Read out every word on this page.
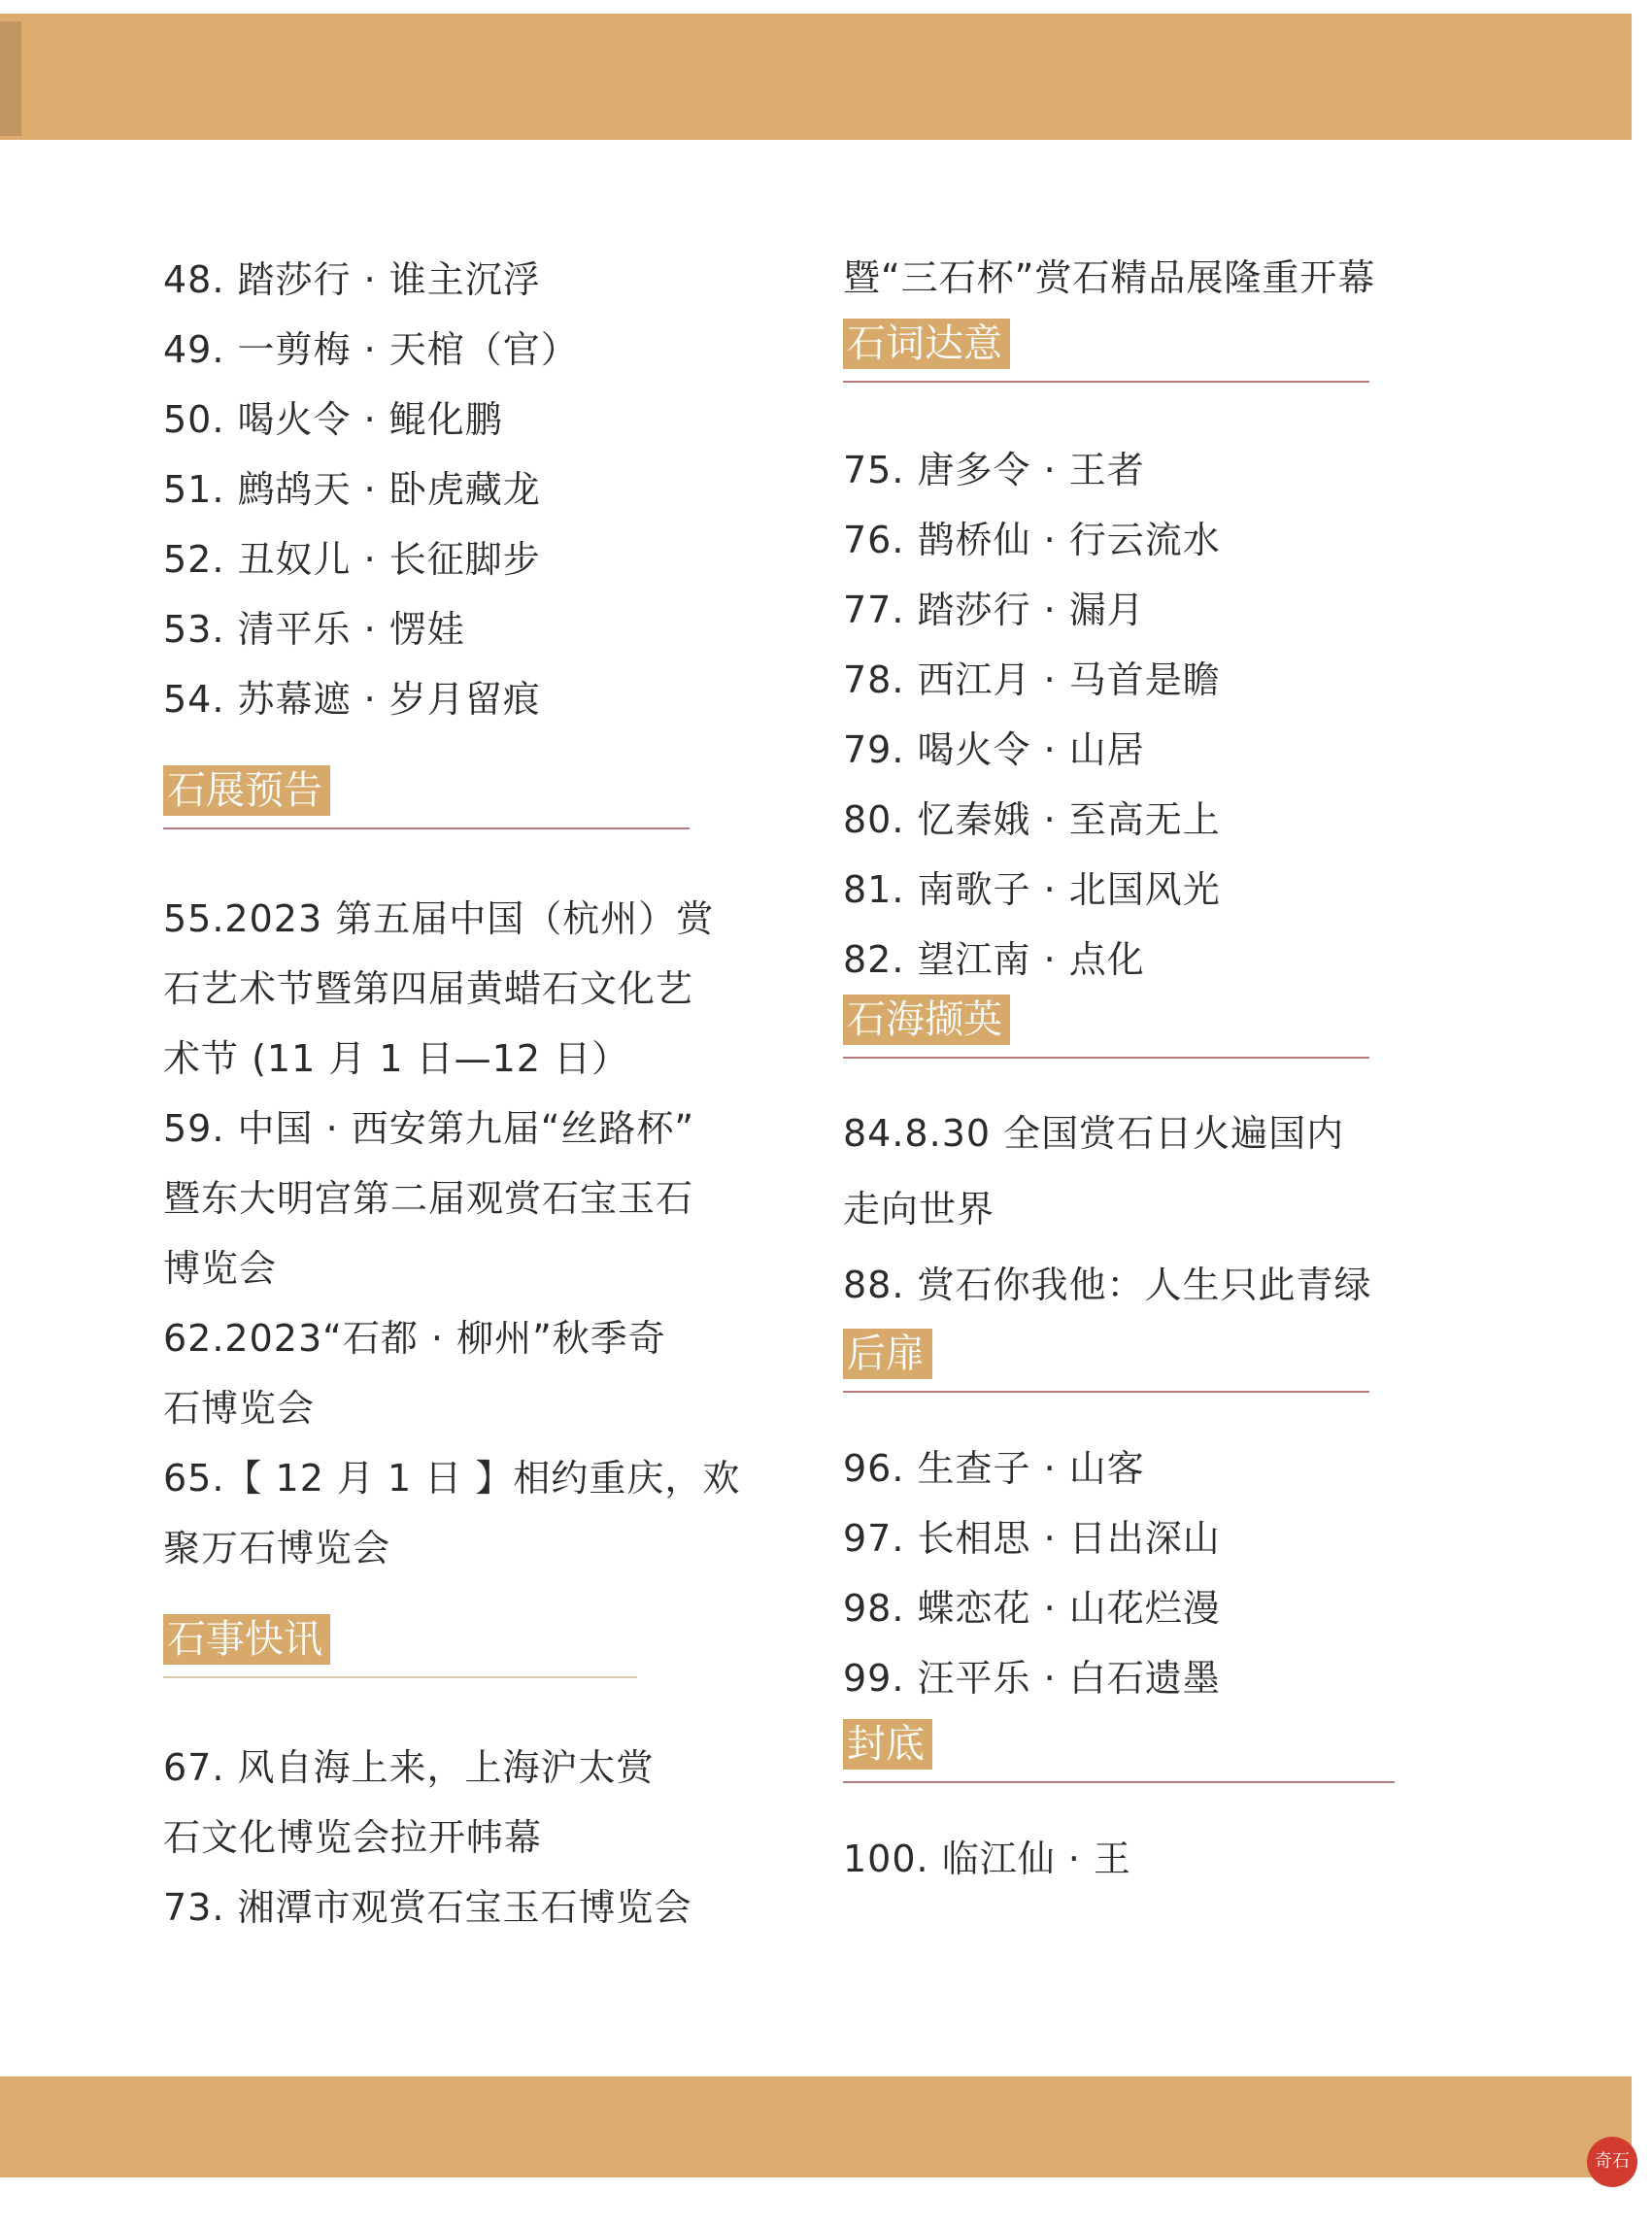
48. 踏莎行 · 谁主沉浮
49. 一剪梅 · 天棺（官）
50. 喝火令 · 鲲化鹏
51. 鹧鸪天 · 卧虎藏龙
52. 丑奴儿 · 长征脚步
53. 清平乐 · 愣娃
54. 苏幕遮 · 岁月留痕
石展预告
55.2023 第五届中国（杭州）赏
石艺术节暨第四届黄蜡石文化艺
术节 (11 月 1 日—12 日）
59. 中国 · 西安第九届“丝路杯”
暨东大明宫第二届观赏石宝玉石
博览会
62.2023“石都 · 柳州”秋季奇
石博览会
65.【 12 月 1 日 】相约重庆，欢
聚万石博览会
石事快讯
67. 风自海上来，上海沪太赏
石文化博览会拉开帏幕
73. 湘潭市观赏石宝玉石博览会
暨“三石杯”赏石精品展隆重开幕
石词达意
75. 唐多令 · 王者
76. 鹊桥仙 · 行云流水
77. 踏莎行 · 漏月
78. 西江月 · 马首是瞻
79. 喝火令 · 山居
80. 忆秦娥 · 至高无上
81. 南歌子 · 北国风光
82. 望江南 · 点化
石海撷英
84.8.30 全国赏石日火遍国内
走向世界
88. 赏石你我他：人生只此青绿
后扉
96. 生查子 · 山客
97. 长相思 · 日出深山
98. 蝶恋花 · 山花烂漫
99. 汪平乐 · 白石遗墨
封底
100. 临江仙 · 王
奇石
